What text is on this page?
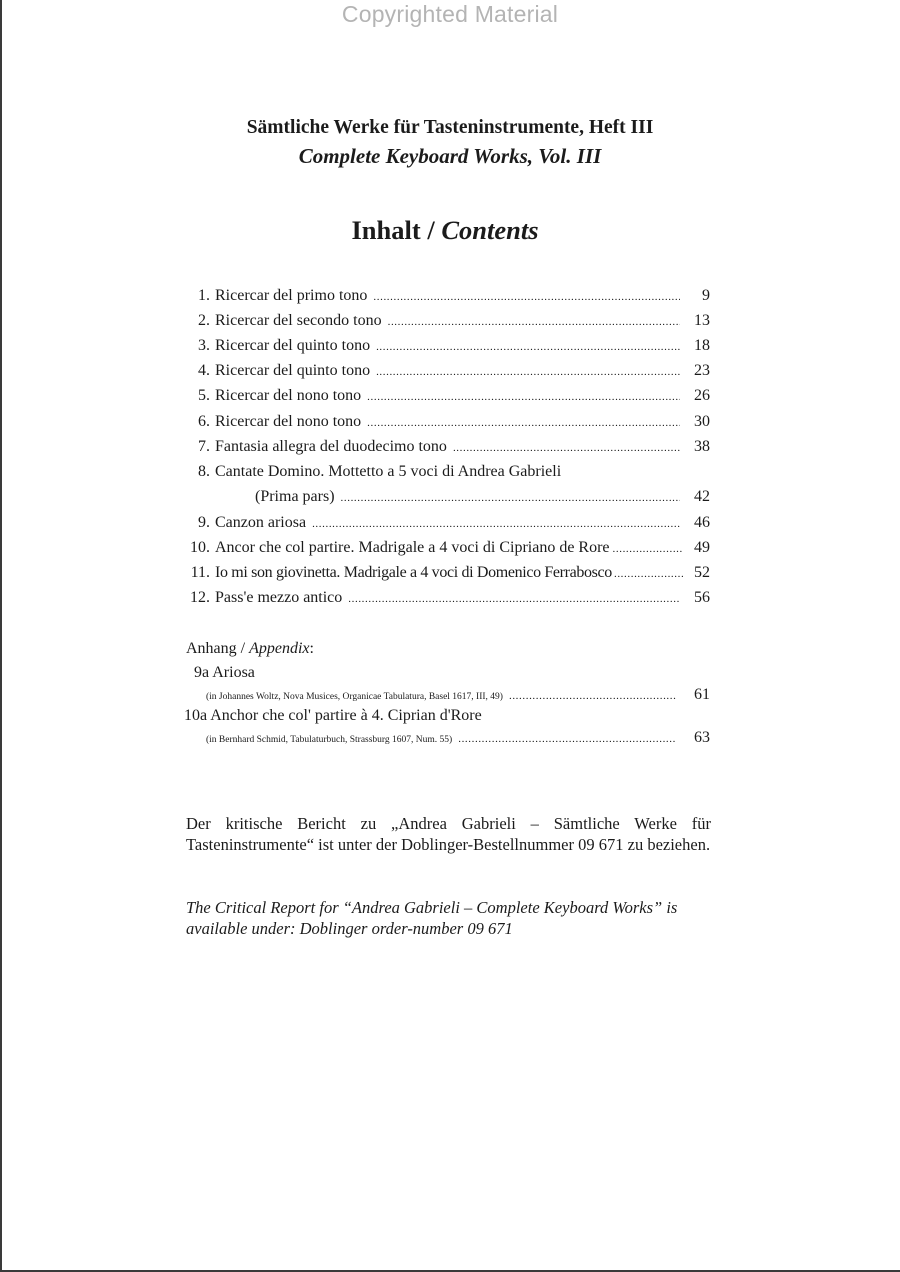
Copyrighted Material
Sämtliche Werke für Tasteninstrumente, Heft III
Complete Keyboard Works, Vol. III
Inhalt / Contents
1. Ricercar del primo tono .....	9
2. Ricercar del secondo tono .....	13
3. Ricercar del quinto tono .....	18
4. Ricercar del quinto tono .....	23
5. Ricercar del nono tono .....	26
6. Ricercar del nono tono .....	30
7. Fantasia allegra del duodecimo tono .....	38
8. Cantate Domino. Mottetto a 5 voci di Andrea Gabrieli
(Prima pars) .....	42
9. Canzon ariosa .....	46
10. Ancor che col partire. Madrigale a 4 voci di Cipriano de Rore .....	49
11. Io mi son giovinetta. Madrigale a 4 voci di Domenico Ferrabosco .....	52
12. Pass'e mezzo antico .....	56
Anhang / Appendix:
9a Ariosa
(in Johannes Woltz, Nova Musices, Organicae Tabulatura, Basel 1617, III, 49) .....	61
10a Anchor che col' partire à 4. Ciprian d'Rore
(in Bernhard Schmid, Tabulaturbuch, Strassburg 1607, Num. 55) .....	63
Der kritische Bericht zu „Andrea Gabrieli – Sämtliche Werke für Tasteninstrumente“ ist unter der Doblinger-Bestellnummer 09 671 zu beziehen.
The Critical Report for “Andrea Gabrieli – Complete Keyboard Works” is available under: Doblinger order-number 09 671
